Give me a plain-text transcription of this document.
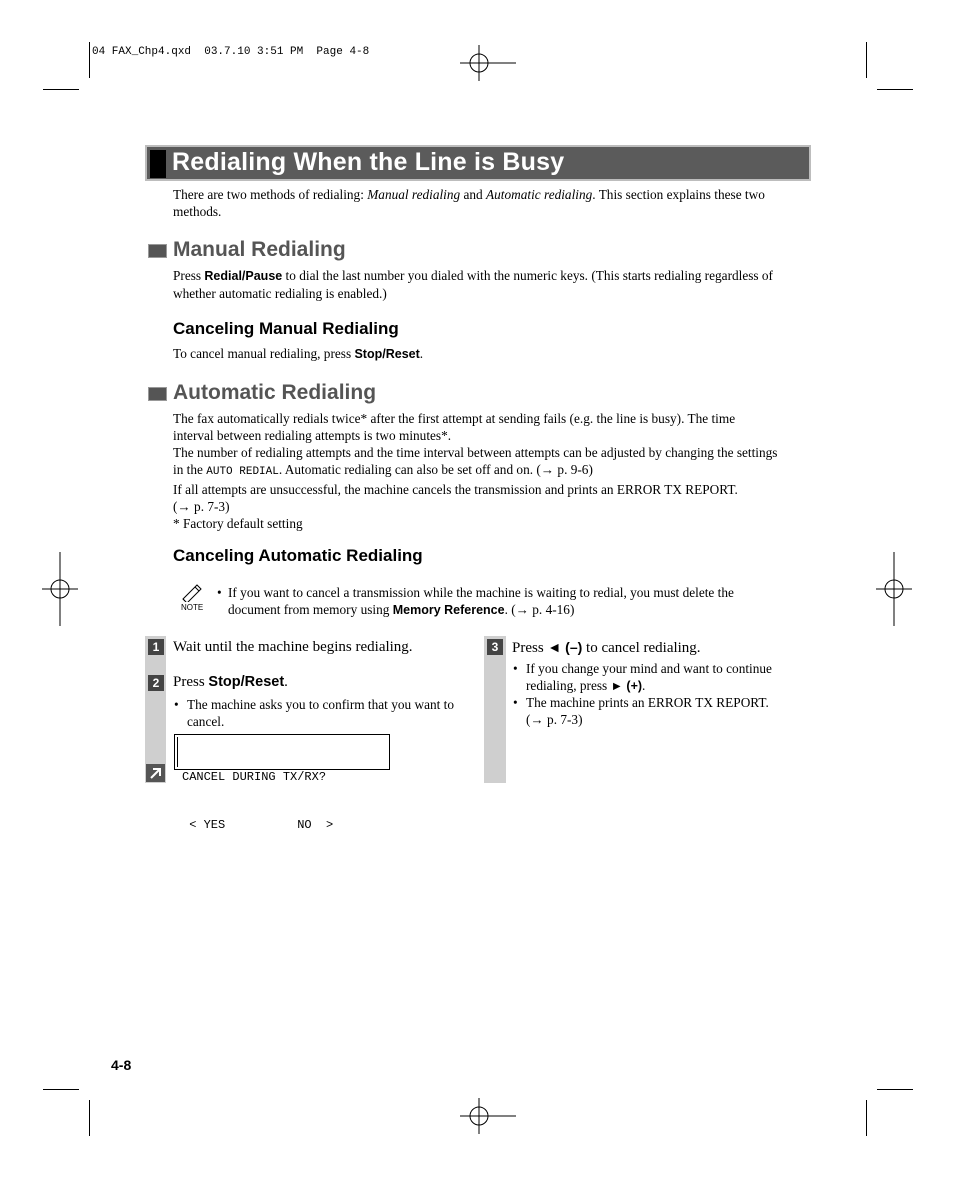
04 FAX_Chp4.qxd  03.7.10 3:51 PM  Page 4-8
Redialing When the Line is Busy
There are two methods of redialing: Manual redialing and Automatic redialing. This section explains these two
methods.
Manual Redialing
Press Redial/Pause to dial the last number you dialed with the numeric keys. (This starts redialing regardless of
whether automatic redialing is enabled.)
Canceling Manual Redialing
To cancel manual redialing, press Stop/Reset.
Automatic Redialing
The fax automatically redials twice* after the first attempt at sending fails (e.g. the line is busy). The time
interval between redialing attempts is two minutes*.
The number of redialing attempts and the time interval between attempts can be adjusted by changing the settings
in the AUTO REDIAL. Automatic redialing can also be set off and on. (→ p. 9-6)
If all attempts are unsuccessful, the machine cancels the transmission and prints an ERROR TX REPORT.
(→ p. 7-3)
* Factory default setting
Canceling Automatic Redialing
NOTE
• If you want to cancel a transmission while the machine is waiting to redial, you must delete the
document from memory using Memory Reference. (→ p. 4-16)
1 Wait until the machine begins redialing.
2 Press Stop/Reset.
• The machine asks you to confirm that you want to
cancel.

CANCEL DURING TX/RX?

< YES          NO  >

3 Press ◄ (–) to cancel redialing.
• If you change your mind and want to continue
redialing, press ► (+).
• The machine prints an ERROR TX REPORT.
(→ p. 7-3)
4-8
